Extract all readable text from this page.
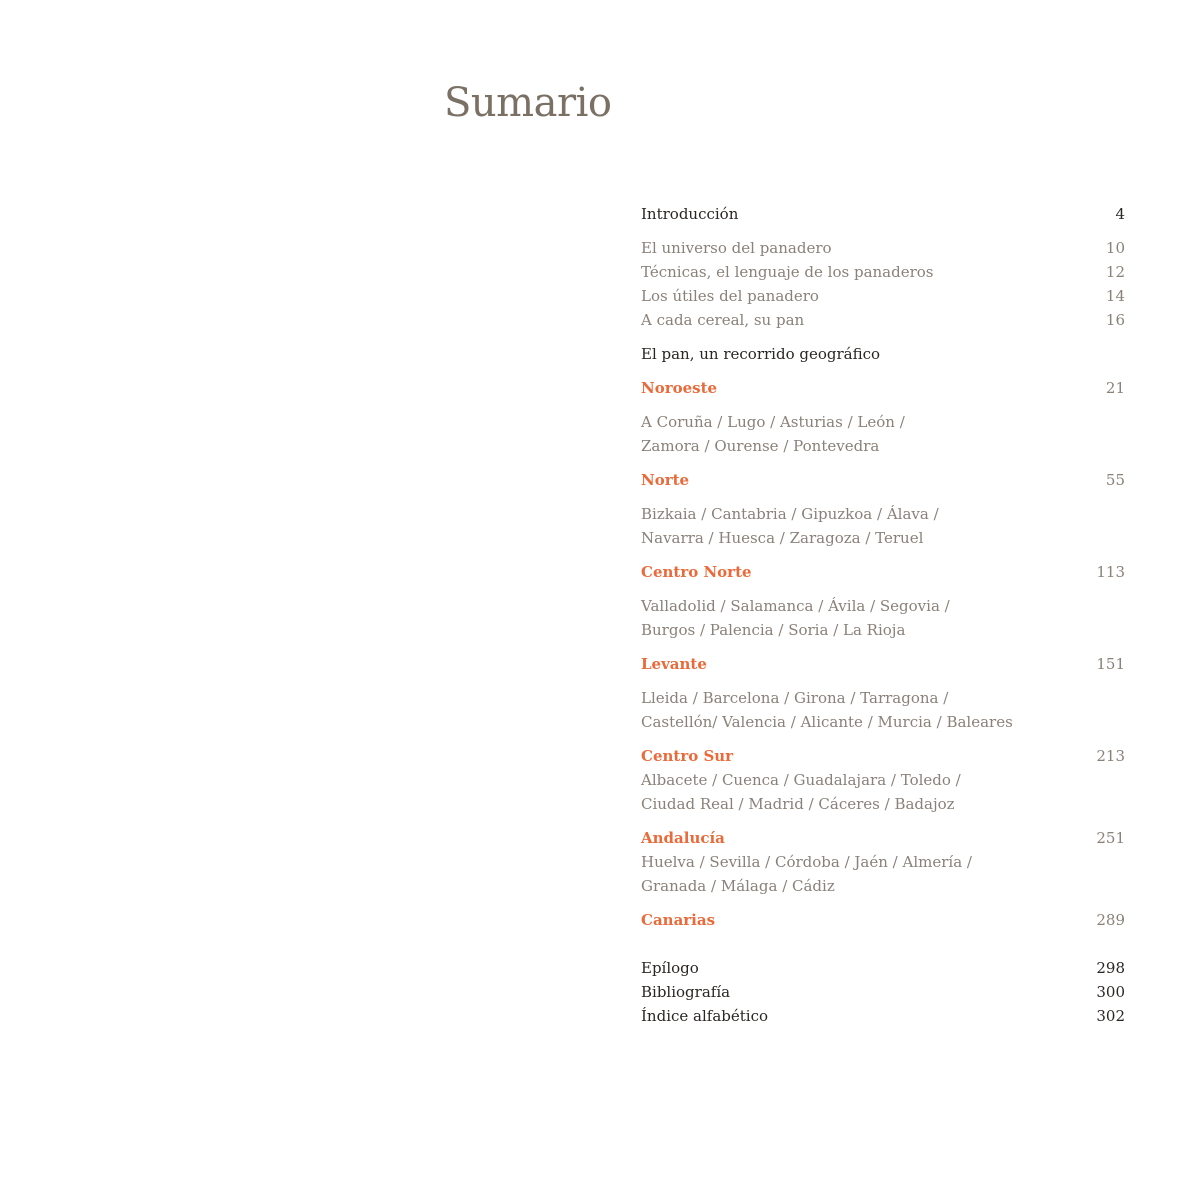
Sumario
Introducción	4
El universo del panadero	10
Técnicas, el lenguaje de los panaderos	12
Los útiles del panadero	14
A cada cereal, su pan	16
El pan, un recorrido geográfico
Noroeste	21
A Coruña / Lugo / Asturias / León /
Zamora / Ourense / Pontevedra
Norte	55
Bizkaia / Cantabria / Gipuzkoa / Álava /
Navarra / Huesca / Zaragoza / Teruel
Centro Norte	113
Valladolid / Salamanca / Ávila / Segovia /
Burgos / Palencia / Soria / La Rioja
Levante	151
Lleida / Barcelona / Girona / Tarragona /
Castellón/ Valencia / Alicante / Murcia / Baleares
Centro Sur	213
Albacete / Cuenca / Guadalajara / Toledo /
Ciudad Real / Madrid / Cáceres / Badajoz
Andalucía	251
Huelva / Sevilla / Córdoba / Jaén / Almería /
Granada / Málaga / Cádiz
Canarias	289
Epílogo	298
Bibliografía	300
Índice alfabético	302
